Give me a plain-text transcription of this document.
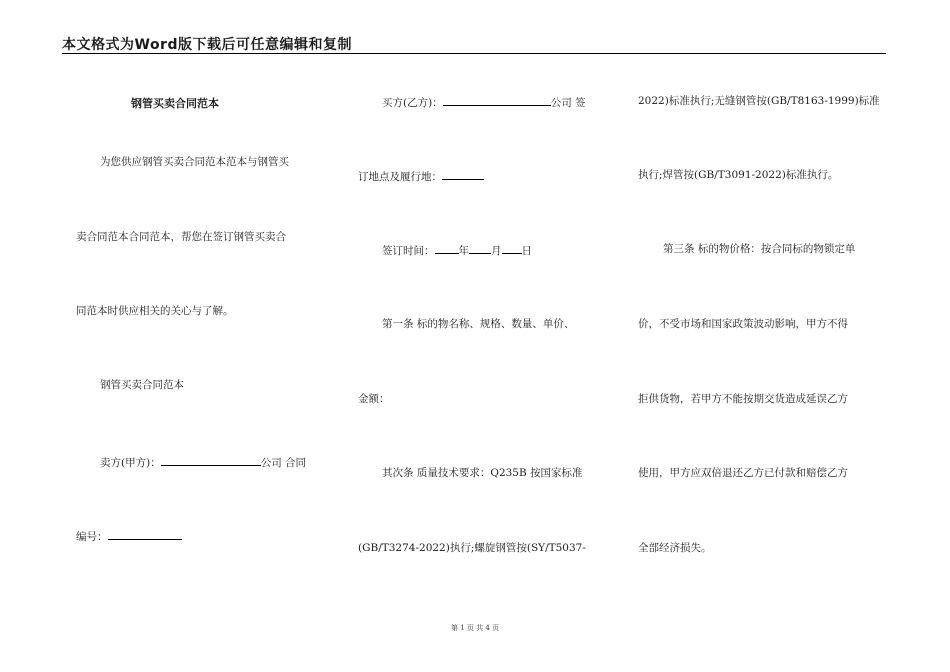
本文格式为Word版下载后可任意编辑和复制
钢管买卖合同范本
为您供应钢管买卖合同范本范本与钢管买
卖合同范本合同范本，帮您在签订钢管买卖合
同范本时供应相关的关心与了解。
钢管买卖合同范本
卖方(甲方)：	公司 合同
编号：
买方(乙方)：	公司 签
订地点及履行地：
签订时间： 年 月 日
第一条 标的物名称、规格、数量、单价、
金额：
其次条 质量技术要求：Q235B 按国家标准
(GB/T3274-2022)执行;螺旋钢管按(SY/T5037-
2022)标准执行;无缝钢管按(GB/T8163-1999)标准
执行;焊管按(GB/T3091-2022)标准执行。
第三条 标的物价格：按合同标的物锁定单
价，不受市场和国家政策波动影响，甲方不得
拒供货物，若甲方不能按期交货造成延误乙方
使用，甲方应双倍退还乙方已付款和赔偿乙方
全部经济损失。
第 1 页 共 4 页
